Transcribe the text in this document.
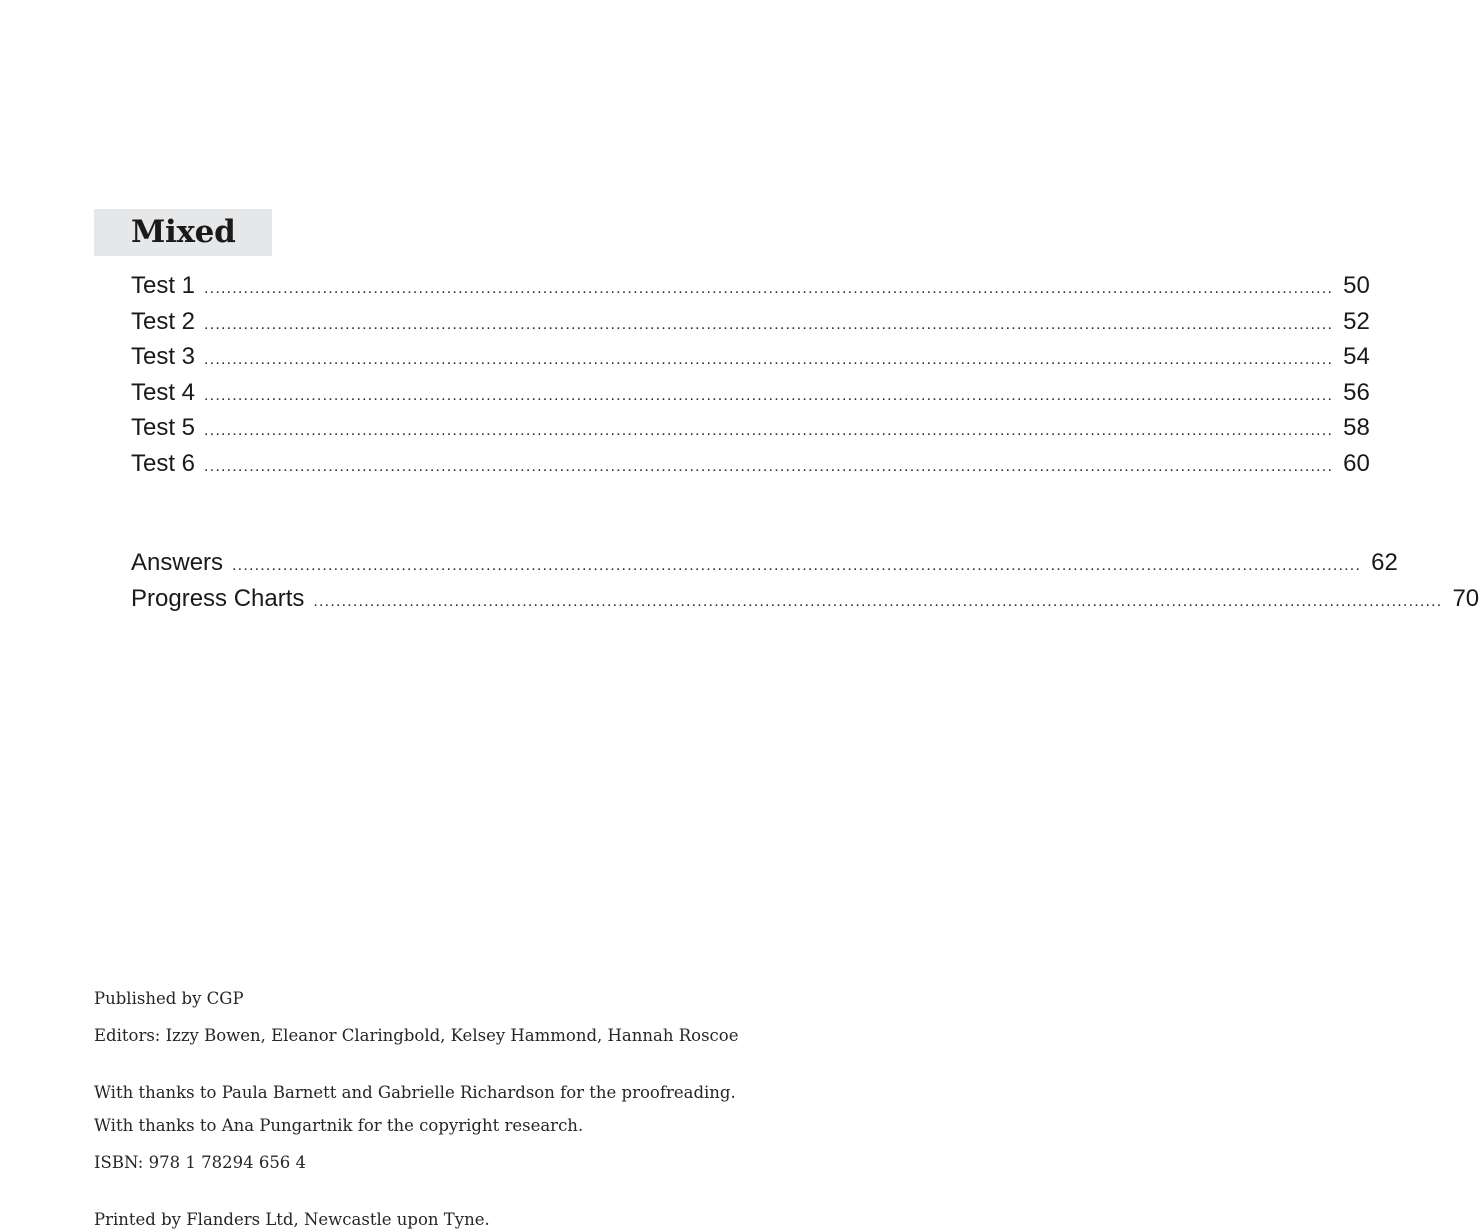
Mixed
Test 1 ........................................................................................................................................................................................................ 50
Test 2 ........................................................................................................................................................................................................ 52
Test 3 ........................................................................................................................................................................................................ 54
Test 4 ........................................................................................................................................................................................................ 56
Test 5 ........................................................................................................................................................................................................ 58
Test 6 ........................................................................................................................................................................................................ 60
Answers ........................................................................................................................................................................................................ 62
Progress Charts ........................................................................................................................................................................................................ 70
Published by CGP
Editors: Izzy Bowen, Eleanor Claringbold, Kelsey Hammond, Hannah Roscoe
With thanks to Paula Barnett and Gabrielle Richardson for the proofreading.
With thanks to Ana Pungartnik for the copyright research.
ISBN: 978 1 78294 656 4
Printed by Flanders Ltd, Newcastle upon Tyne.
